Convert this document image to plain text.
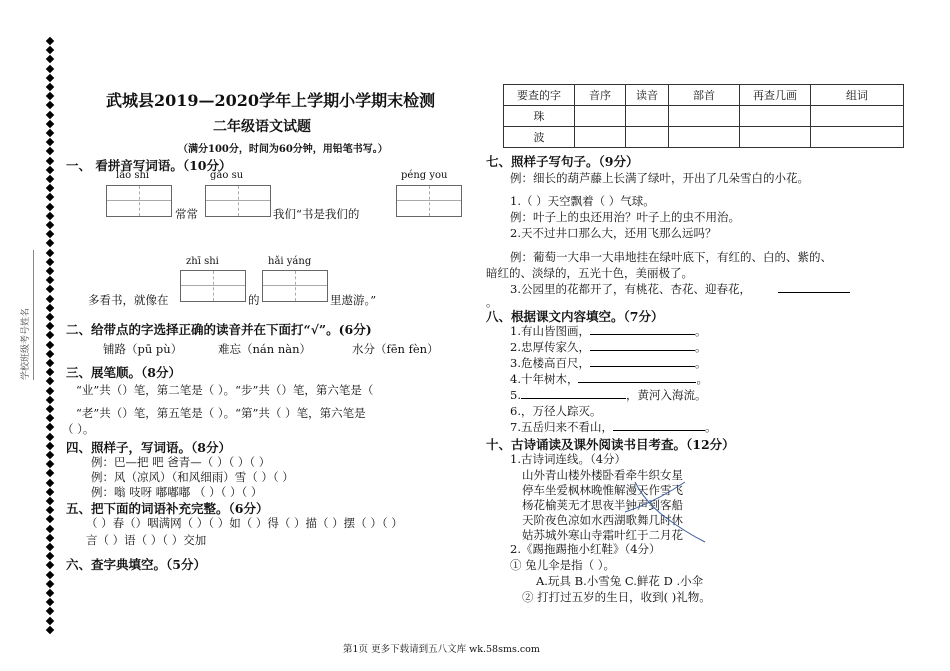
学校班级考号姓名
武城县2019—2020学年上学期小学期末检测
二年级语文试题
（满分100分，时间为60分钟，用铅笔书写。）
一、 看拼音写词语。（10分）
lǎo shī	gǎo su	péng you
常常	我们“书是我们的
zhī shi	hǎi yáng
多看书，就像在	的	里遨游。”
二、给带点的字选择正确的读音并在下面打“√”。(6分)
铺路（pū pù）	难忘（nán nàn）	水分（fēn fèn）
三、展笔顺。（8分）
“业”共（）笔，第二笔是（ ）。“步”共（）笔，第六笔是（
“老”共（）笔，第五笔是（ ）。“第”共（ ）笔，第六笔是
（ ）。
四、照样子，写词语。（8分）
例：巴—把 吧 爸青—（ ）（ ）（ ）
例：风（凉风）（和风细雨）雪（ ）（ ）
例：嗡 吱呀 嘟嘟嘟 （ ）（ ）（ ）
五、把下面的词语补充完整。（6分）
（ ）春（）咽满网（ ）（ ）如（ ）得（ ）描（ ）摆（ ）（ ）
言（ ）语（ ）（ ）交加
六、查字典填空。（5分）
要查的字	音序	读音	部首	再查几画	组词
珠					
波					
七、照样子写句子。（9分）
例：细长的葫芦藤上长满了绿叶，开出了几朵雪白的小花。
1.（ ）天空飘着（ ）气球。
例：叶子上的虫还用治？叶子上的虫不用治。
2.天不过井口那么大，还用飞那么远吗？
例：葡萄一大串一大串地挂在绿叶底下，有红的、白的、紫的、
暗红的、淡绿的，五光十色，美丽极了。
3.公园里的花都开了，有桃花、杏花、迎春花，
。
八、根据课文内容填空。（7分）
1.有山皆图画，	。
2.忠厚传家久，	。
3.危楼高百尺，	。
4.十年树木，	。
5.	，黄河入海流。
6.，万径人踪灭。
7.五岳归来不看山，	。
十、古诗诵读及课外阅读书目考查。（12分）
1.古诗词连线。（4分）
山外青山楼外楼卧看牵牛织女星
停车坐爱枫林晚惟解漫天作雪飞
杨花榆荚无才思夜半钟声到客船
天阶夜色凉如水西湖歌舞几时休
姑苏城外寒山寺霜叶红于二月花
2.《踢拖踢拖小红鞋》（4分）
① 兔儿伞是指（ ）。
A.玩具 B.小雪兔 C.鲜花 D .小伞
② 打打过五岁的生日，收到( )礼物。
第1页 更多下载请到五八文库 wk.58sms.com
